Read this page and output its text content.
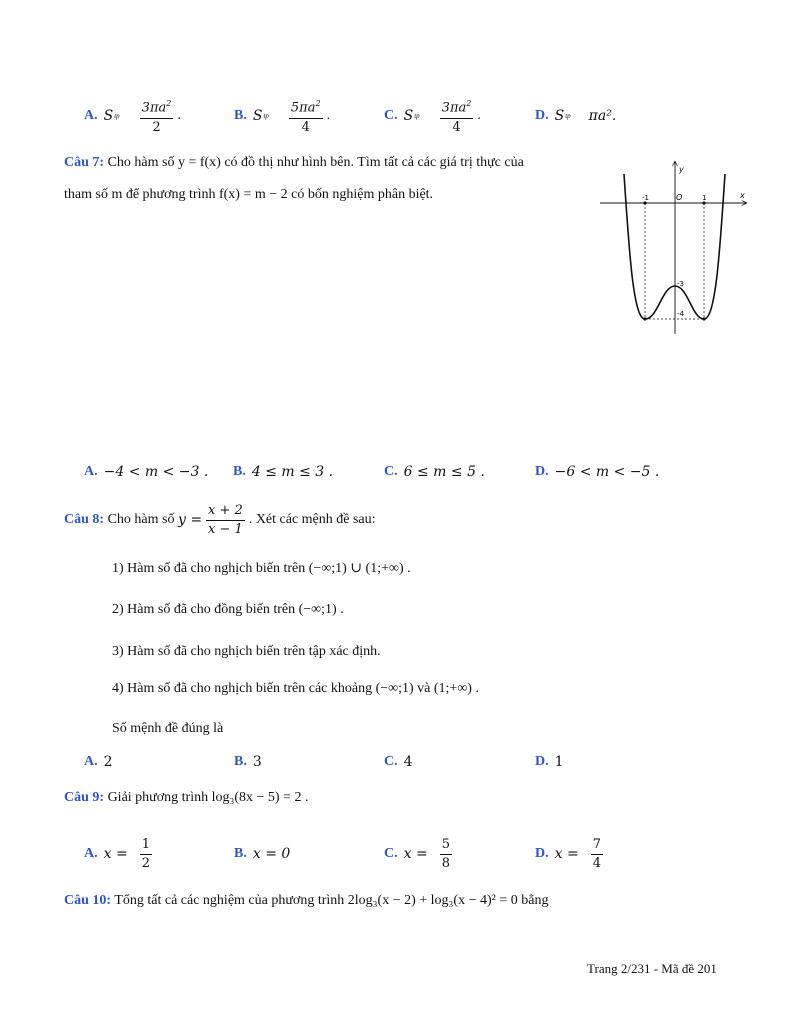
A. S tp $\frac{3\pi a^2}{2}$ .	B. S tp $\frac{5\pi a^2}{4}$ .	C. S tp $\frac{3\pi a^2}{4}$ .	D. S tp πa².
Câu 7: Cho hàm số y = f(x) có đồ thị như hình bên. Tìm tất cả các giá trị thực của
tham số m để phương trình f(x) = m − 2 có bốn nghiệm phân biệt.	x
y
O
-1	1
-3
-4
A. −4 < m < −3 . B. 4 ≤ m ≤ 3 .	C. 6 ≤ m ≤ 5 .	D. −6 < m < −5 .
Câu 8:
Cho hàm số
$y = \frac{x + 2}{x - 1}$ . Xét các mệnh đề sau:
1) Hàm số đã cho nghịch biến trên (−∞;1) ∪ (1;+∞) .
2) Hàm số đã cho đồng biến trên (−∞;1) .
3) Hàm số đã cho nghịch biến trên tập xác định.
4) Hàm số đã cho nghịch biến trên các khoảng (−∞;1) và (1;+∞) .
Số mệnh đề đúng là
A. 2	B. 3	C. 4	D. 1
Câu 9: Giải phương trình log₃(8x − 5) = 2 .
A. $x = \frac{1}{2}$	B. x = 0	C. $x = \frac{5}{8}$	D. $x = \frac{7}{4}$
Câu 10: Tổng tất cả các nghiệm của phương trình 2log₃(x − 2) + log₃(x − 4)² = 0 bằng
Trang 2/231 - Mã đề 201
